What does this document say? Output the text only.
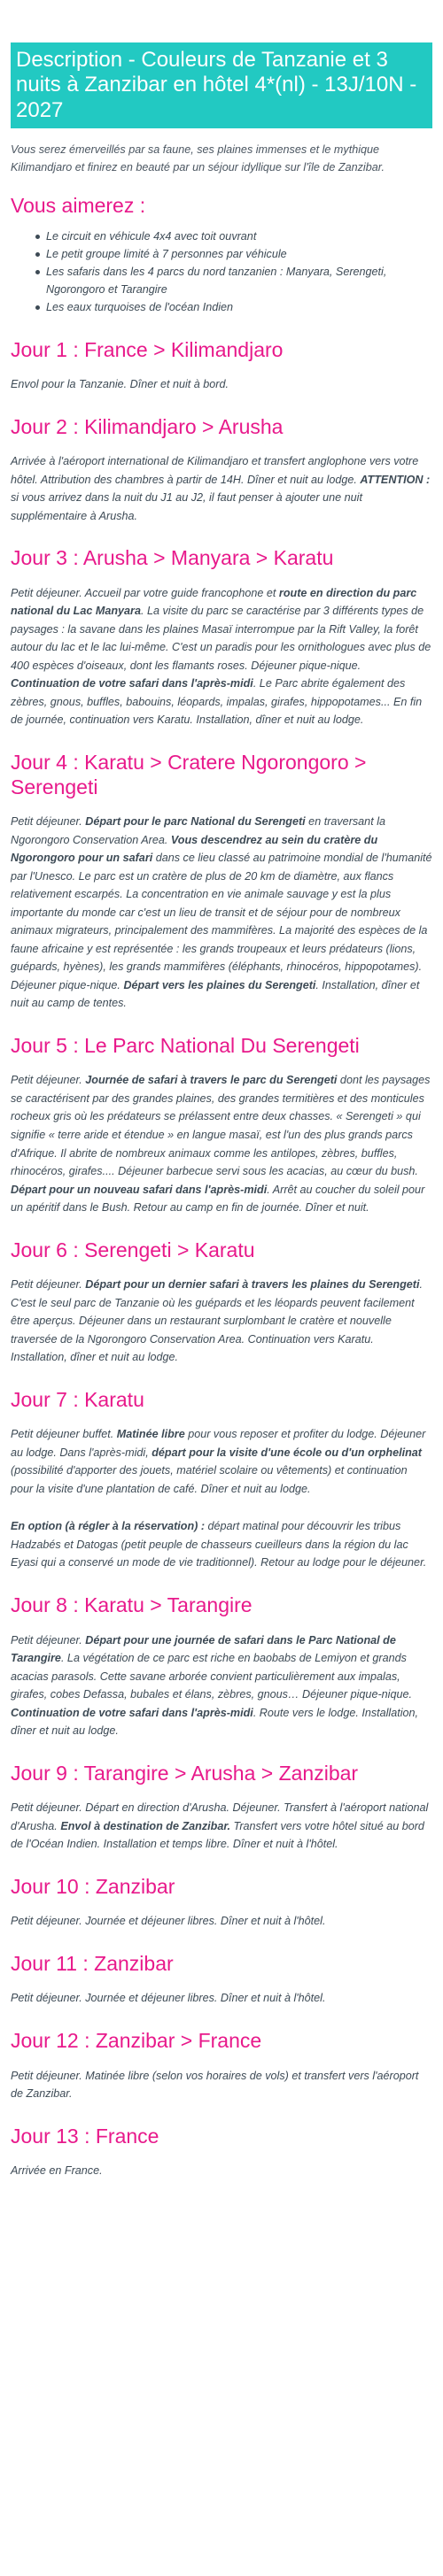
Description - Couleurs de Tanzanie et 3 nuits à Zanzibar en hôtel 4*(nl) - 13J/10N - 2027

Vous serez émerveillés par sa faune, ses plaines immenses et le mythique Kilimandjaro et finirez en beauté par un séjour idyllique sur l'île de Zanzibar.

Vous aimerez :
Le circuit en véhicule 4x4 avec toit ouvrant
Le petit groupe limité à 7 personnes par véhicule
Les safaris dans les 4 parcs du nord tanzanien : Manyara, Serengeti, Ngorongoro et Tarangire
Les eaux turquoises de l'océan Indien
Jour 1 : France > Kilimandjaro

Envol pour la Tanzanie. Dîner et nuit à bord.

Jour 2 : Kilimandjaro > Arusha

Arrivée à l'aéroport international de Kilimandjaro et transfert anglophone vers votre hôtel. Attribution des chambres à partir de 14H. Dîner et nuit au lodge. ATTENTION : si vous arrivez dans la nuit du J1 au J2, il faut penser à ajouter une nuit supplémentaire à Arusha.

Jour 3 : Arusha > Manyara > Karatu

Petit déjeuner. Accueil par votre guide francophone et route en direction du parc national du Lac Manyara. La visite du parc se caractérise par 3 différents types de paysages : la savane dans les plaines Masaï interrompue par la Rift Valley, la forêt autour du lac et le lac lui-même. C'est un paradis pour les ornithologues avec plus de 400 espèces d'oiseaux, dont les flamants roses. Déjeuner pique-nique. Continuation de votre safari dans l'après-midi. Le Parc abrite également des zèbres, gnous, buffles, babouins, léopards, impalas, girafes, hippopotames... En fin de journée, continuation vers Karatu. Installation, dîner et nuit au lodge.

Jour 4 : Karatu > Cratere Ngorongoro > Serengeti

Petit déjeuner. Départ pour le parc National du Serengeti en traversant la Ngorongoro Conservation Area. Vous descendrez au sein du cratère du Ngorongoro pour un safari dans ce lieu classé au patrimoine mondial de l'humanité par l'Unesco. Le parc est un cratère de plus de 20 km de diamètre, aux flancs relativement escarpés. La concentration en vie animale sauvage y est la plus importante du monde car c'est un lieu de transit et de séjour pour de nombreux animaux migrateurs, principalement des mammifères. La majorité des espèces de la faune africaine y est représentée : les grands troupeaux et leurs prédateurs (lions, guépards, hyènes), les grands mammifères (éléphants, rhinocéros, hippopotames). Déjeuner pique-nique. Départ vers les plaines du Serengeti. Installation, dîner et nuit au camp de tentes.

Jour 5 : Le Parc National Du Serengeti

Petit déjeuner. Journée de safari à travers le parc du Serengeti dont les paysages se caractérisent par des grandes plaines, des grandes termitières et des monticules rocheux gris où les prédateurs se prélassent entre deux chasses. « Serengeti » qui signifie « terre aride et étendue » en langue masaï, est l'un des plus grands parcs d'Afrique. Il abrite de nombreux animaux comme les antilopes, zèbres, buffles, rhinocéros, girafes.... Déjeuner barbecue servi sous les acacias, au cœur du bush. Départ pour un nouveau safari dans l'après-midi. Arrêt au coucher du soleil pour un apéritif dans le Bush. Retour au camp en fin de journée. Dîner et nuit.

Jour 6 : Serengeti > Karatu

Petit déjeuner. Départ pour un dernier safari à travers les plaines du Serengeti. C'est le seul parc de Tanzanie où les guépards et les léopards peuvent facilement être aperçus. Déjeuner dans un restaurant surplombant le cratère et nouvelle traversée de la Ngorongoro Conservation Area. Continuation vers Karatu. Installation, dîner et nuit au lodge.

Jour 7 : Karatu

Petit déjeuner buffet. Matinée libre pour vous reposer et profiter du lodge. Déjeuner au lodge. Dans l'après-midi, départ pour la visite d'une école ou d'un orphelinat (possibilité d'apporter des jouets, matériel scolaire ou vêtements) et continuation pour la visite d'une plantation de café. Dîner et nuit au lodge.

En option (à régler à la réservation) : départ matinal pour découvrir les tribus Hadzabés et Datogas (petit peuple de chasseurs cueilleurs dans la région du lac Eyasi qui a conservé un mode de vie traditionnel). Retour au lodge pour le déjeuner.

Jour 8 : Karatu > Tarangire

Petit déjeuner. Départ pour une journée de safari dans le Parc National de Tarangire. La végétation de ce parc est riche en baobabs de Lemiyon et grands acacias parasols. Cette savane arborée convient particulièrement aux impalas, girafes, cobes Defassa, bubales et élans, zèbres, gnous… Déjeuner pique-nique. Continuation de votre safari dans l'après-midi. Route vers le lodge. Installation, dîner et nuit au lodge.

Jour 9 : Tarangire > Arusha > Zanzibar

Petit déjeuner. Départ en direction d'Arusha. Déjeuner. Transfert à l'aéroport national d'Arusha. Envol à destination de Zanzibar. Transfert vers votre hôtel situé au bord de l'Océan Indien. Installation et temps libre. Dîner et nuit à l'hôtel.

Jour 10 : Zanzibar

Petit déjeuner. Journée et déjeuner libres. Dîner et nuit à l'hôtel.

Jour 11 : Zanzibar

Petit déjeuner. Journée et déjeuner libres. Dîner et nuit à l'hôtel.

Jour 12 : Zanzibar > France

Petit déjeuner. Matinée libre (selon vos horaires de vols) et transfert vers l'aéroport de Zanzibar.

Jour 13 : France

Arrivée en France.
